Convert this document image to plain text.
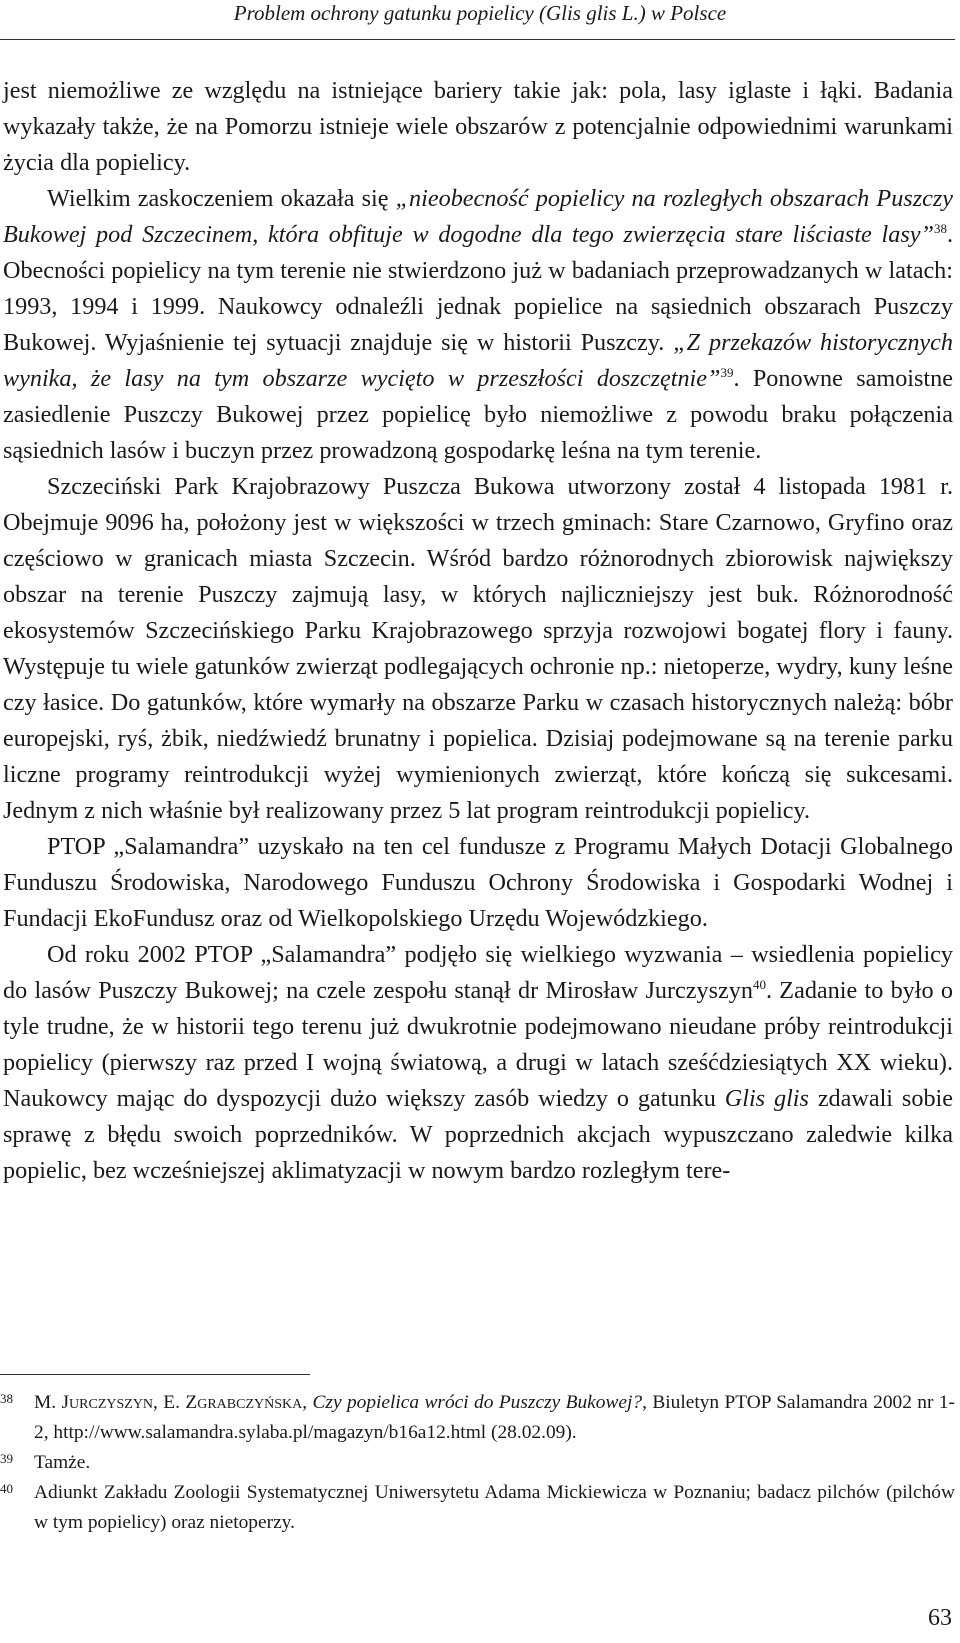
Problem ochrony gatunku popielicy (Glis glis L.) w Polsce

jest niemożliwe ze względu na istniejące bariery takie jak: pola, lasy iglaste i łąki. Badania wykazały także, że na Pomorzu istnieje wiele obszarów z potencjalnie odpowiednimi warunkami życia dla popielicy.

Wielkim zaskoczeniem okazała się „nieobecność popielicy na rozległych obszarach Puszczy Bukowej pod Szczecinem, która obfituje w dogodne dla tego zwierzęcia stare liściaste lasy”$^{38}$. Obecności popielicy na tym terenie nie stwierdzono już w badaniach przeprowadzanych w latach: 1993, 1994 i 1999. Naukowcy odnaleźli jednak popielice na sąsiednich obszarach Puszczy Bukowej. Wyjaśnienie tej sytuacji znajduje się w historii Puszczy. „Z przekazów historycznych wynika, że lasy na tym obszarze wycięto w przeszłości doszczętnie”$^{39}$. Ponowne samoistne zasiedlenie Puszczy Bukowej przez popielicę było niemożliwe z powodu braku połączenia sąsiednich lasów i buczyn przez prowadzoną gospodarkę leśna na tym terenie.

Szczeciński Park Krajobrazowy Puszcza Bukowa utworzony został 4 listopada 1981 r. Obejmuje 9096 ha, położony jest w większości w trzech gminach: Stare Czarnowo, Gryfino oraz częściowo w granicach miasta Szczecin. Wśród bardzo różnorodnych zbiorowisk największy obszar na terenie Puszczy zajmują lasy, w których najliczniejszy jest buk. Różnorodność ekosystemów Szczecińskiego Parku Krajobrazowego sprzyja rozwojowi bogatej flory i fauny. Występuje tu wiele gatunków zwierząt podlegających ochronie np.: nietoperze, wydry, kuny leśne czy łasice. Do gatunków, które wymarły na obszarze Parku w czasach historycznych należą: bóbr europejski, ryś, żbik, niedźwiedź brunatny i popielica. Dzisiaj podejmowane są na terenie parku liczne programy reintrodukcji wyżej wymienionych zwierząt, które kończą się sukcesami. Jednym z nich właśnie był realizowany przez 5 lat program reintrodukcji popielicy.

PTOP „Salamandra” uzyskało na ten cel fundusze z Programu Małych Dotacji Globalnego Funduszu Środowiska, Narodowego Funduszu Ochrony Środowiska i Gospodarki Wodnej i Fundacji EkoFundusz oraz od Wielkopolskiego Urzędu Wojewódzkiego.

Od roku 2002 PTOP „Salamandra” podjęło się wielkiego wyzwania – wsiedlenia popielicy do lasów Puszczy Bukowej; na czele zespołu stanął dr Mirosław Jurczyszyn$^{40}$. Zadanie to było o tyle trudne, że w historii tego terenu już dwukrotnie podejmowano nieudane próby reintrodukcji popielicy (pierwszy raz przed I wojną światową, a drugi w latach sześćdziesiątych XX wieku). Naukowcy mając do dyspozycji dużo większy zasób wiedzy o gatunku Glis glis zdawali sobie sprawę z błędu swoich poprzedników. W poprzednich akcjach wypuszczano zaledwie kilka popielic, bez wcześniejszej aklimatyzacji w nowym bardzo rozległym tere-

38	M. Jurczyszyn, E. Zgrabczyńska, Czy popielica wróci do Puszczy Bukowej?, Biuletyn PTOP Salamandra 2002 nr 1-2, http://www.salamandra.sylaba.pl/magazyn/b16a12.html (28.02.09).
39	Tamże.
40	Adiunkt Zakładu Zoologii Systematycznej Uniwersytetu Adama Mickiewicza w Poznaniu; badacz pilchów (pilchów w tym popielicy) oraz nietoperzy.
63
